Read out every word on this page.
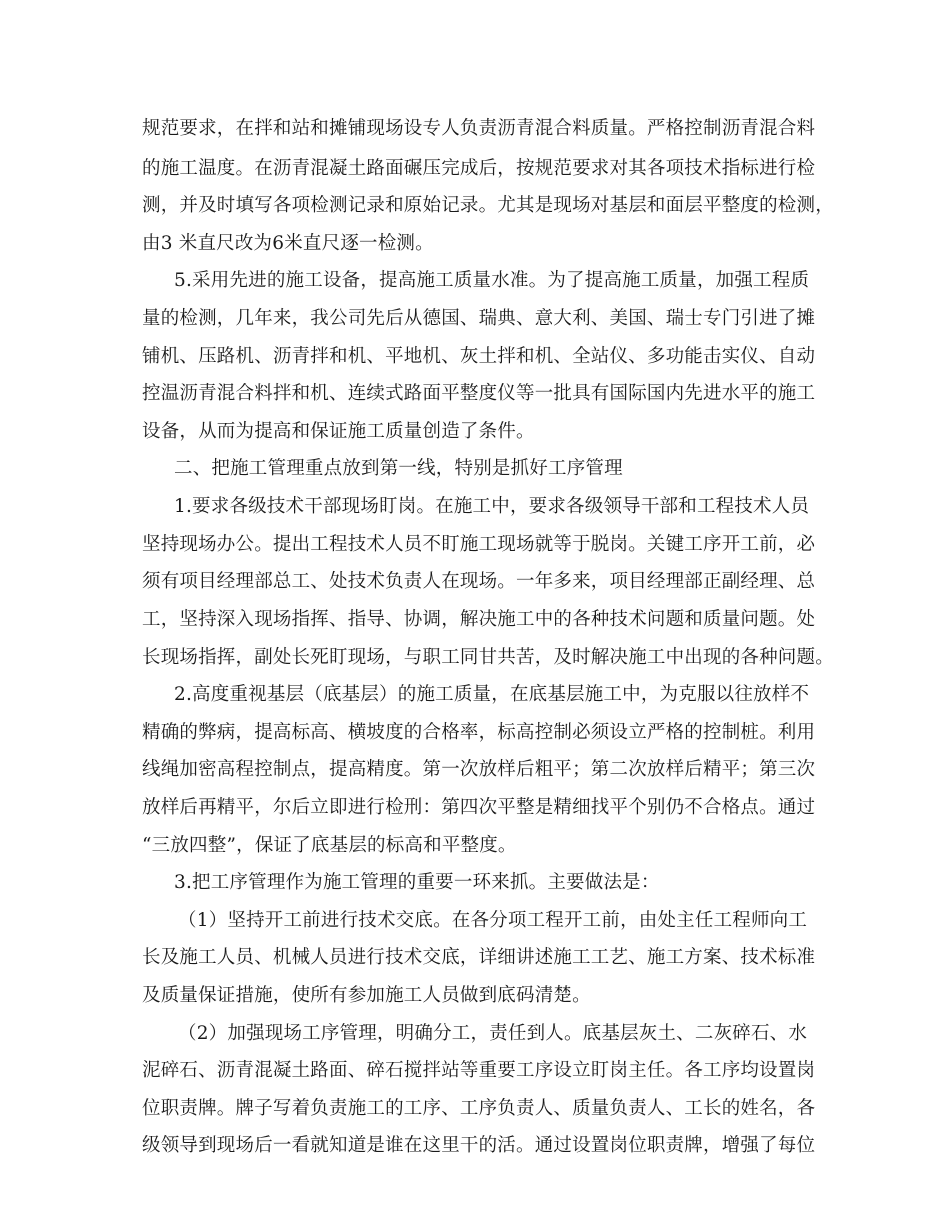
规范要求，在拌和站和摊铺现场设专人负责沥青混合料质量。严格控制沥青混合料
的施工温度。在沥青混凝土路面碾压完成后，按规范要求对其各项技术指标进行检
测，并及时填写各项检测记录和原始记录。尤其是现场对基层和面层平整度的检测，
由3 米直尺改为6米直尺逐一检测。
5.采用先进的施工设备，提高施工质量水准。为了提高施工质量，加强工程质
量的检测，几年来，我公司先后从德国、瑞典、意大利、美国、瑞士专门引进了摊
铺机、压路机、沥青拌和机、平地机、灰土拌和机、全站仪、多功能击实仪、自动
控温沥青混合料拌和机、连续式路面平整度仪等一批具有国际国内先进水平的施工
设备，从而为提高和保证施工质量创造了条件。
二、把施工管理重点放到第一线，特别是抓好工序管理
1.要求各级技术干部现场盯岗。在施工中，要求各级领导干部和工程技术人员
坚持现场办公。提出工程技术人员不盯施工现场就等于脱岗。关键工序开工前，必
须有项目经理部总工、处技术负责人在现场。一年多来，项目经理部正副经理、总
工，坚持深入现场指挥、指导、协调，解决施工中的各种技术问题和质量问题。处
长现场指挥，副处长死盯现场，与职工同甘共苦，及时解决施工中出现的各种问题。
2.高度重视基层（底基层）的施工质量，在底基层施工中，为克服以往放样不
精确的弊病，提高标高、横坡度的合格率，标高控制必须设立严格的控制桩。利用
线绳加密高程控制点，提高精度。第一次放样后粗平；第二次放样后精平；第三次
放样后再精平，尔后立即进行检刑：第四次平整是精细找平个别仍不合格点。通过
“三放四整”，保证了底基层的标高和平整度。
3.把工序管理作为施工管理的重要一环来抓。主要做法是：
（1）坚持开工前进行技术交底。在各分项工程开工前，由处主任工程师向工
长及施工人员、机械人员进行技术交底，详细讲述施工工艺、施工方案、技术标准
及质量保证措施，使所有参加施工人员做到底码清楚。
（2）加强现场工序管理，明确分工，责任到人。底基层灰土、二灰碎石、水
泥碎石、沥青混凝土路面、碎石搅拌站等重要工序设立盯岗主任。各工序均设置岗
位职责牌。牌子写着负责施工的工序、工序负责人、质量负责人、工长的姓名，各
级领导到现场后一看就知道是谁在这里干的活。通过设置岗位职责牌，增强了每位
